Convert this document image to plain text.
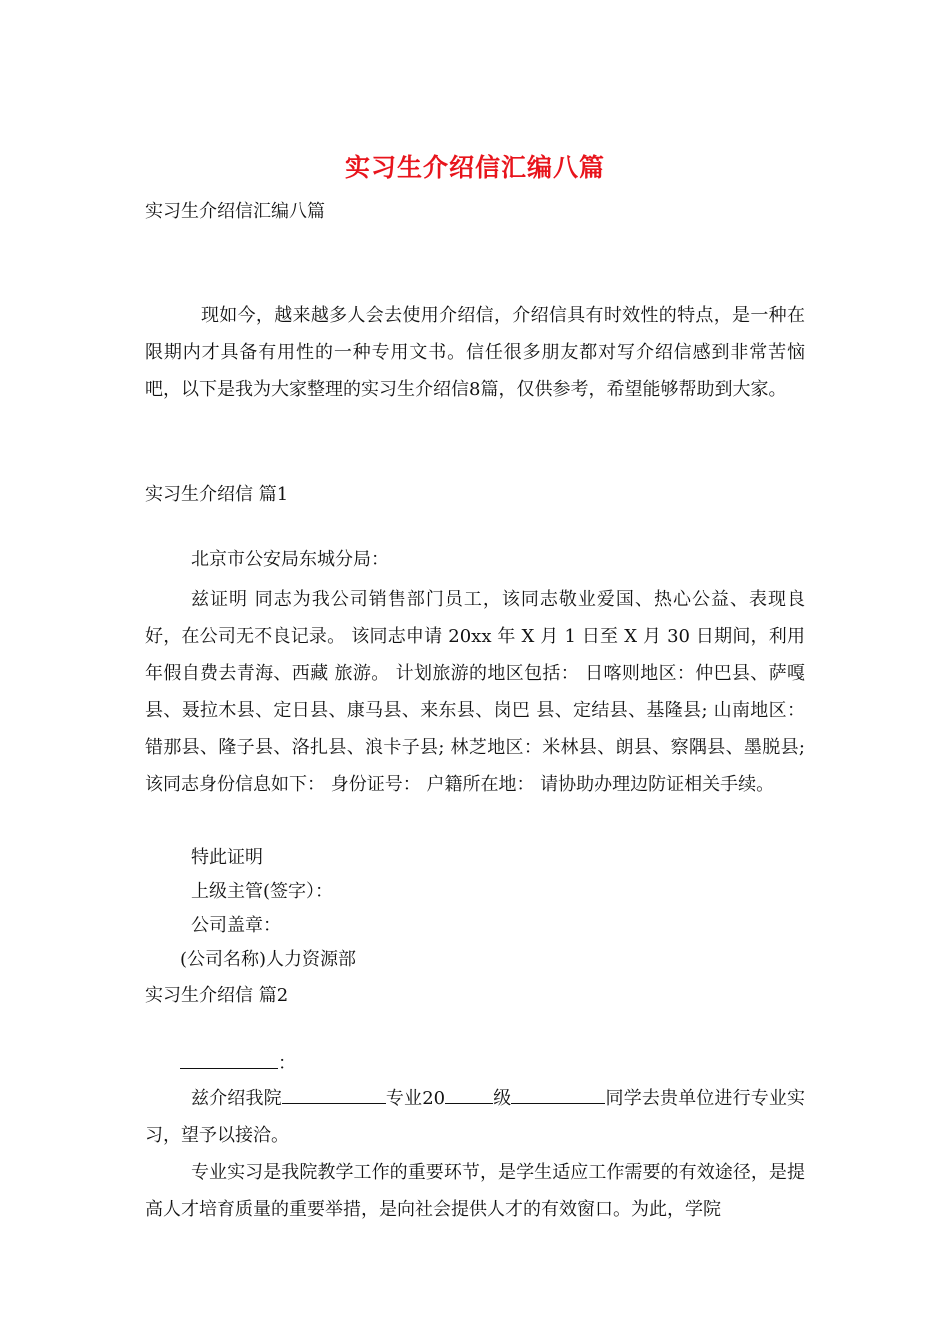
实习生介绍信汇编八篇
实习生介绍信汇编八篇
现如今，越来越多人会去使用介绍信，介绍信具有时效性的特点，是一种在限期内才具备有用性的一种专用文书。信任很多朋友都对写介绍信感到非常苦恼吧，以下是我为大家整理的实习生介绍信8篇，仅供参考，希望能够帮助到大家。
实习生介绍信 篇1
北京市公安局东城分局：
兹证明 同志为我公司销售部门员工，该同志敬业爱国、热心公益、表现良好，在公司无不良记录。 该同志申请 20xx 年 X 月 1 日至 X 月 30 日期间，利用年假自费去青海、西藏 旅游。 计划旅游的地区包括： 日喀则地区：仲巴县、萨嘎县、聂拉木县、定日县、康马县、来东县、岗巴 县、定结县、基隆县; 山南地区：错那县、隆子县、洛扎县、浪卡子县; 林芝地区：米林县、朗县、察隅县、墨脱县; 该同志身份信息如下： 身份证号： 户籍所在地： 请协助办理边防证相关手续。
特此证明
上级主管(签字）：
公司盖章：
(公司名称)人力资源部
实习生介绍信 篇2
：
兹介绍我院	专业20	级	同学去贵单位进行专业实习，望予以接洽。
专业实习是我院教学工作的重要环节，是学生适应工作需要的有效途径，是提高人才培育质量的重要举措，是向社会提供人才的有效窗口。为此，学院
